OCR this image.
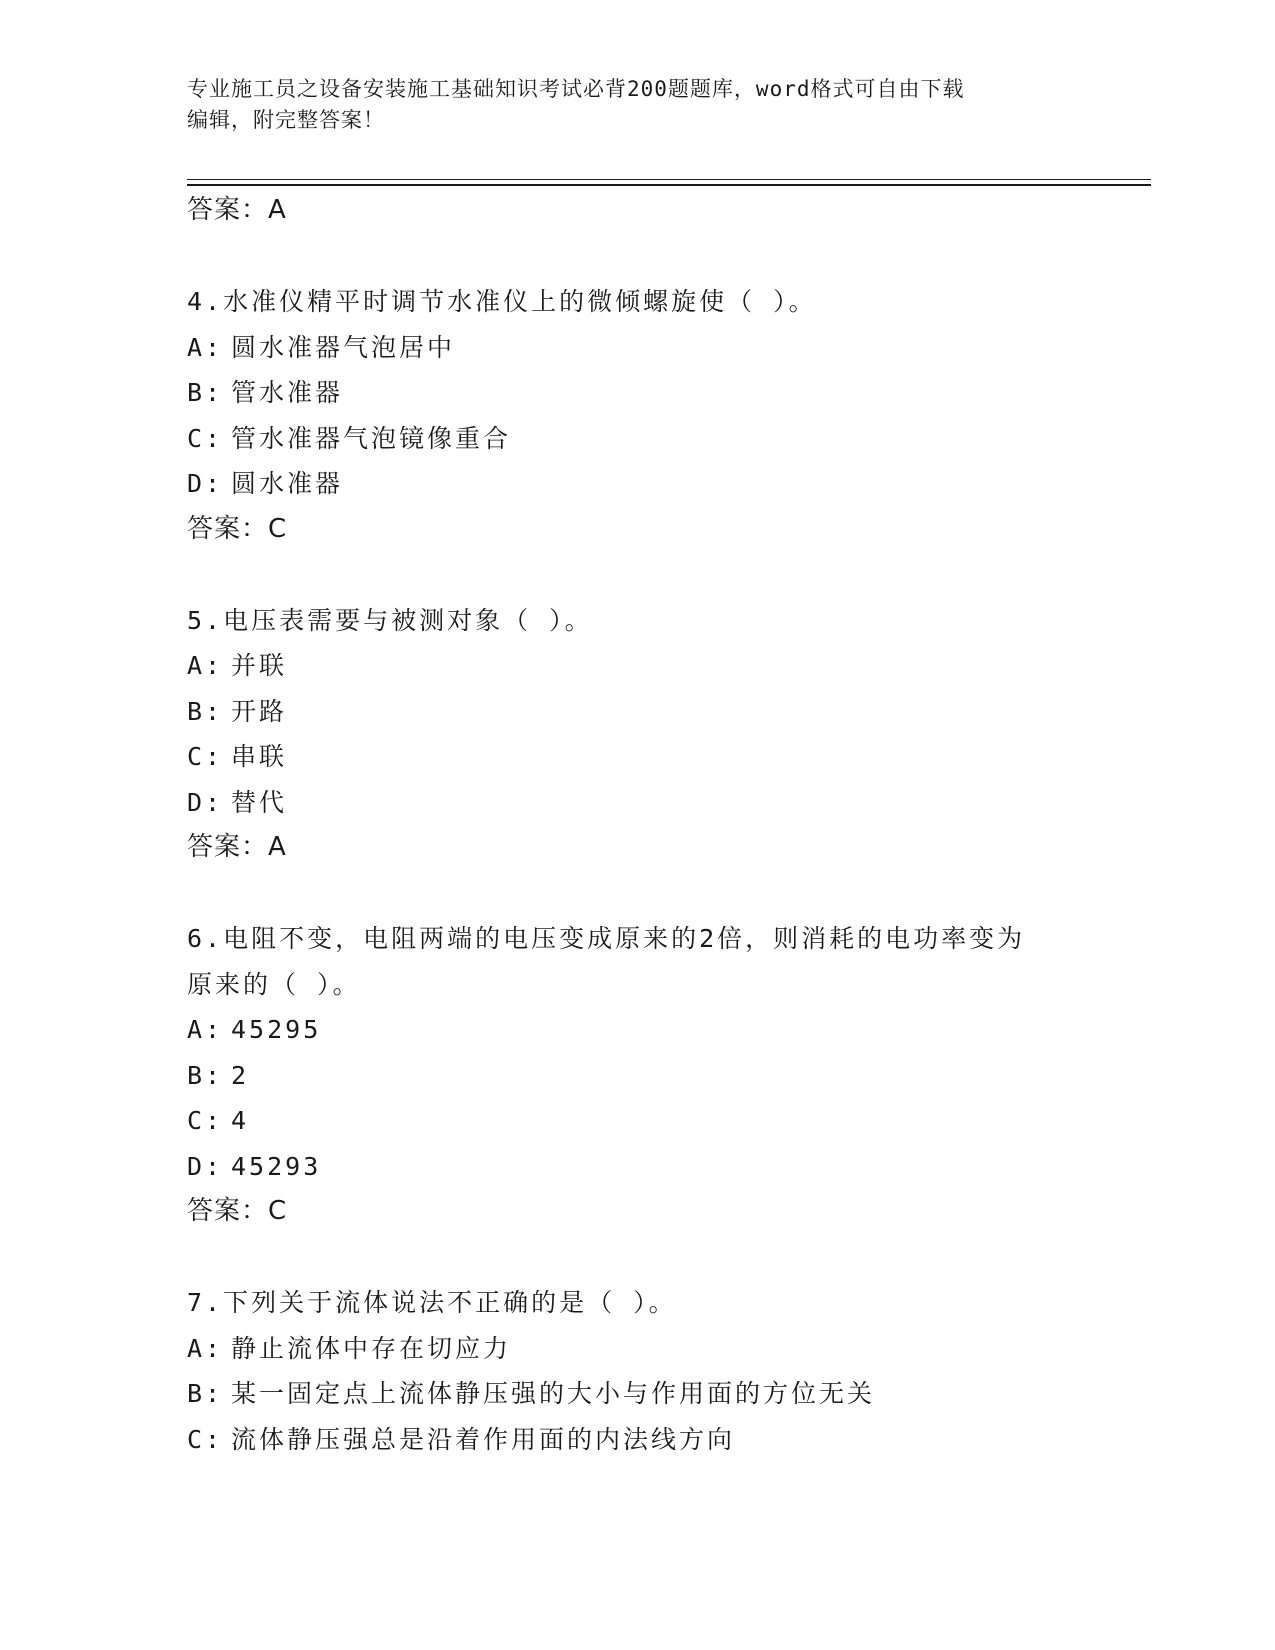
专业施工员之设备安装施工基础知识考试必背200题题库，word格式可自由下载
编辑，附完整答案！
答案：A
4.水准仪精平时调节水准仪上的微倾螺旋使（ ）。
A: 圆水准器气泡居中
B: 管水准器
C: 管水准器气泡镜像重合
D: 圆水准器
答案：C
5.电压表需要与被测对象（ ）。
A: 并联
B: 开路
C: 串联
D: 替代
答案：A
6.电阻不变，电阻两端的电压变成原来的2倍，则消耗的电功率变为
原来的（ ）。
A: 45295
B: 2
C: 4
D: 45293
答案：C
7.下列关于流体说法不正确的是（ ）。
A: 静止流体中存在切应力
B: 某一固定点上流体静压强的大小与作用面的方位无关
C: 流体静压强总是沿着作用面的内法线方向
